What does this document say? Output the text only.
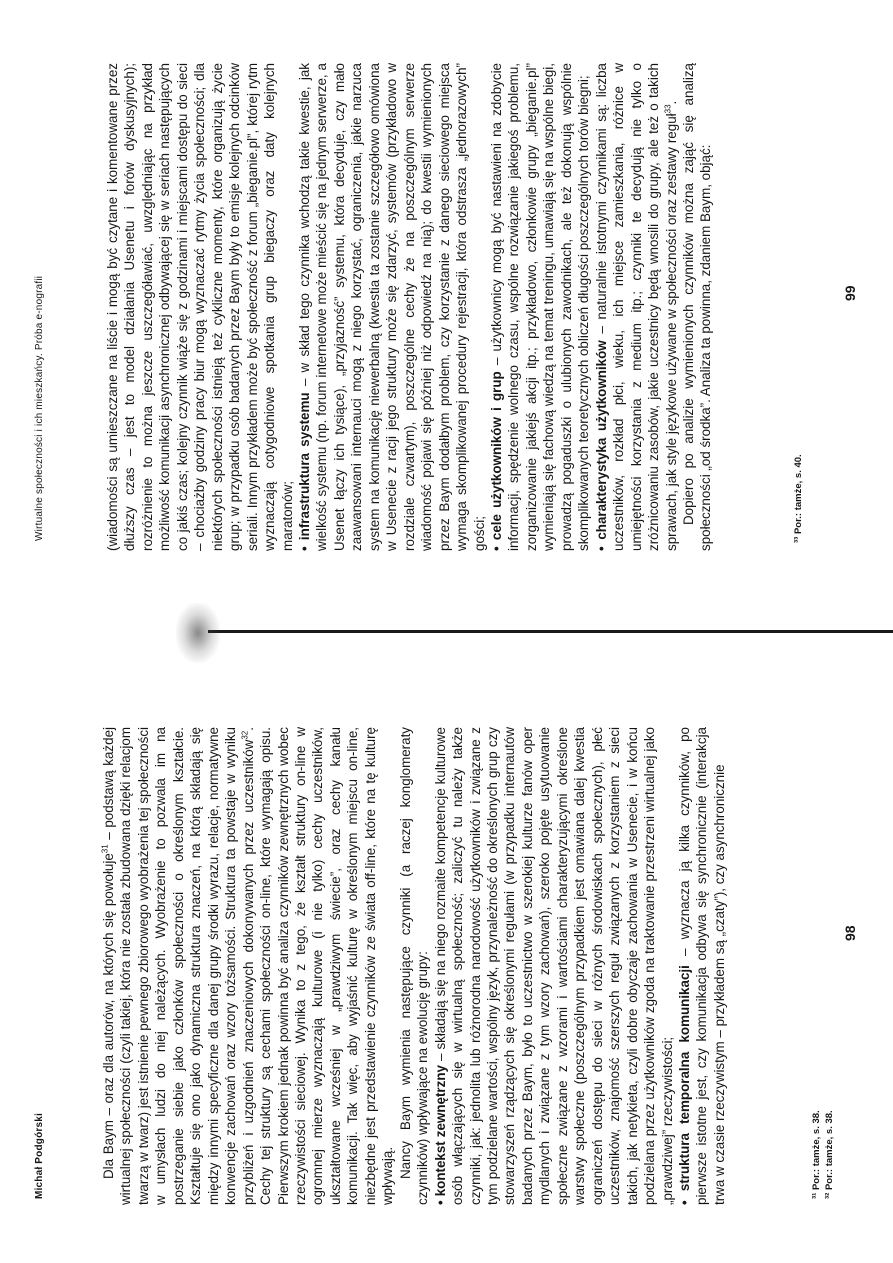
Michał Podgórski	Dla Baym – oraz dla autorów, na których się powołuje$^{31}$ – podstawą każdej wirtualnej społeczności (czyli takiej, która nie została zbudowana dzięki relacjom twarzą w twarz) jest istnienie pewnego zbiorowego wyobrażenia tej społeczności w umysłach ludzi do niej należących. Wyobrażenie to pozwala im na postrzeganie siebie jako członków społeczności o określonym kształcie. Kształtuje się ono jako dynamiczna struktura znaczeń, na którą składają się między innymi specyficzne dla danej grupy środki wyrazu, relacje, normatywne konwencje zachowań oraz wzory tożsamości. Struktura ta powstaje w wyniku przybliżeń i uzgodnień znaczeniowych dokonywanych przez uczestników$^{32}$. Cechy tej struktury są cechami społeczności on-line, które wymagają opisu. Pierwszym krokiem jednak powinna być analiza czynników zewnętrznych wobec rzeczywistości sieciowej. Wynika to z tego, że kształt struktury on-line w ogromnej mierze wyznaczają kulturowe (i nie tylko) cechy uczestników, ukształtowane wcześniej w „prawdziwym świecie”, oraz cechy kanału komunikacji. Tak więc, aby wyjaśnić kulturę w określonym miejscu on-line, niezbędne jest przedstawienie czynników ze świata off-line, które na tę kulturę wpływają. Nancy Baym wymienia następujące czynniki (a raczej konglomeraty czynników) wpływające na ewolucję grupy: • kontekst zewnętrzny – składają się na niego rozmaite kompetencje kulturowe osób włączających się w wirtualną społeczność; zaliczyć tu należy także czynniki, jak: jednolita lub różnorodna narodowość użytkowników i związane z tym podzielane wartości, wspólny język, przynależność do określonych grup czy stowarzyszeń rządzących się określonymi regułami (w przypadku internautów badanych przez Baym, było to uczestnictwo w szerokiej kulturze fanów oper mydlanych i związane z tym wzory zachowań), szeroko pojęte usytuowanie społeczne związane z wzorami i wartościami charakteryzującymi określone warstwy społeczne (poszczególnym przypadkiem jest omawiana dalej kwestia ograniczeń dostępu do sieci w różnych środowiskach społecznych), płeć uczestników, znajomość szerszych reguł związanych z korzystaniem z sieci takich, jak netykieta, czyli dobre obyczaje zachowania w Usenecie, i w końcu podzielana przez użytkowników zgoda na traktowanie przestrzeni wirtualnej jako „prawdziwej” rzeczywistości; • struktura temporalna komunikacji – wyznacza ją kilka czynników, po pierwsze istotne jest, czy komunikacja odbywa się synchronicznie (interakcja trwa w czasie rzeczywistym – przykładem są „czaty”), czy asynchronicznie	³¹ Por.: tamże, s. 38. ³² Por.: tamże, s. 38.
98
Wirtualne społeczności i ich mieszkańcy. Próba e-nografii	(wiadomości są umieszczane na liście i mogą być czytane i komentowane przez dłuższy czas – jest to model działania Usenetu i forów dyskusyjnych); rozróżnienie to można jeszcze uszczegóławiać, uwzględniając na przykład możliwość komunikacji asynchronicznej odbywającej się w seriach następujących co jakiś czas; kolejny czynnik wiąże się z godzinami i miejscami dostępu do sieci – chociażby godziny pracy biur mogą wyznaczać rytmy życia społeczności; dla niektórych społeczności istnieją też cykliczne momenty, które organizują życie grup; w przypadku osób badanych przez Baym były to emisje kolejnych odcinków seriali. Innym przykładem może być społeczność z forum „bieganie.pl”, której rytm wyznaczają cotygodniowe spotkania grup biegaczy oraz daty kolejnych maratonów; • infrastruktura systemu – w skład tego czynnika wchodzą takie kwestie, jak wielkość systemu (np. forum internetowe może mieścić się na jednym serwerze, a Usenet łączy ich tysiące), „przyjazność” systemu, która decyduje, czy mało zaawansowani internauci mogą z niego korzystać, ograniczenia, jakie narzuca system na komunikację niewerbalną (kwestia ta zostanie szczegółowo omówiona w Usenecie z racji jego struktury może się zdarzyć, systemów (przykładowo w rozdziale czwartym), poszczególne cechy że na poszczególnym serwerze wiadomość pojawi się później niż odpowiedź na nią); do kwestii wymienionych przez Baym dodałbym problem, czy korzystanie z danego sieciowego miejsca wymaga skomplikowanej procedury rejestracji, która odstrasza „jednorazowych” gości; • cele użytkowników i grup – użytkownicy mogą być nastawieni na zdobycie informacji, spędzenie wolnego czasu, wspólne rozwiązanie jakiegoś problemu, zorganizowanie jakiejś akcji itp.; przykładowo, członkowie grupy „bieganie.pl” wymieniają się fachową wiedzą na temat treningu, umawiają się na wspólne biegi, prowadzą pogaduszki o ulubionych zawodnikach, ale też dokonują wspólnie skomplikowanych teoretycznych obliczeń długości poszczególnych torów biegni; • charakterystyka użytkowników – naturalnie istotnymi czynnikami są: liczba uczestników, rozkład płci, wieku, ich miejsce zamieszkania, różnice w umiejętności korzystania z medium itp.; czynniki te decydują nie tylko o zróżnicowaniu zasobów, jakie uczestnicy będą wnosili do grupy, ale też o takich sprawach, jak style językowe używane w społeczności oraz zestawy reguł$^{33}$. Dopiero po analizie wymienionych czynników można zająć się analizą społeczności „od środka”. Analiza ta powinna, zdaniem Baym, objąć:	³³ Por.: tamże, s. 40.
99
